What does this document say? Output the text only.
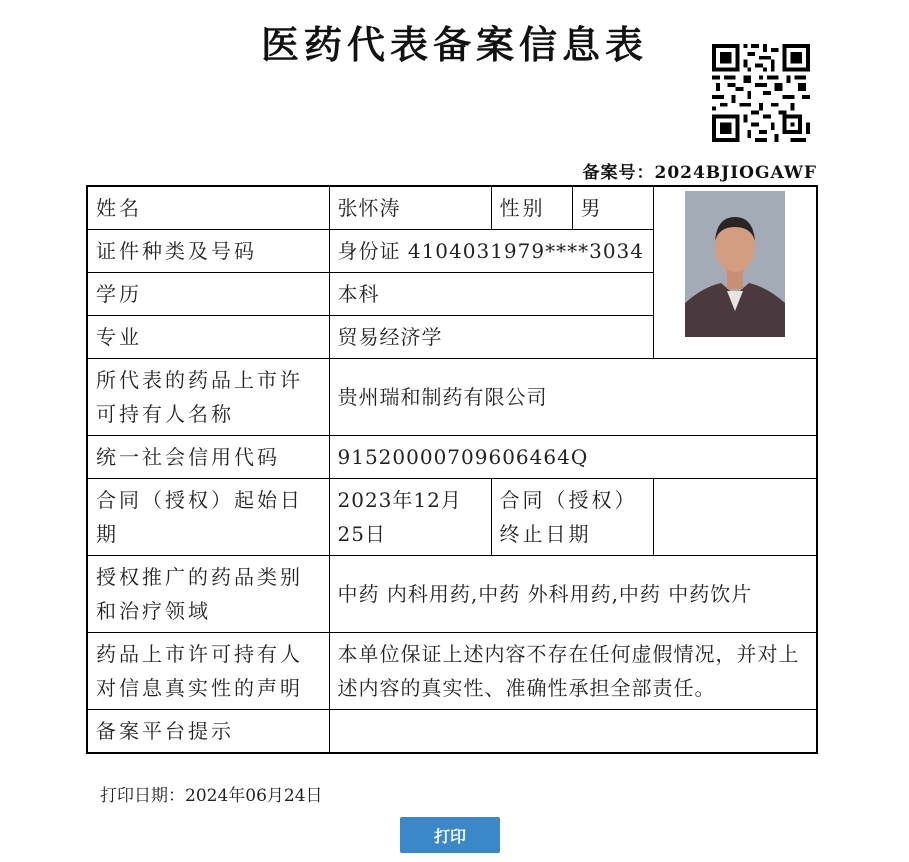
医药代表备案信息表
备案号：2024BJIOGAWF
姓名	张怀涛	性别	男	
证件种类及号码	身份证 4104031979****3034			
学历	本科			
专业	贸易经济学			
所代表的药品上市许可持有人名称	贵州瑞和制药有限公司			
统一社会信用代码	91520000709606464Q			
合同（授权）起始日期	2023年12月25日	合同（授权）终止日期		
授权推广的药品类别和治疗领域	中药 内科用药,中药 外科用药,中药 中药饮片			
药品上市许可持有人对信息真实性的声明	本单位保证上述内容不存在任何虚假情况，并对上述内容的真实性、准确性承担全部责任。			
备案平台提示				
打印日期：2024年06月24日
打印
